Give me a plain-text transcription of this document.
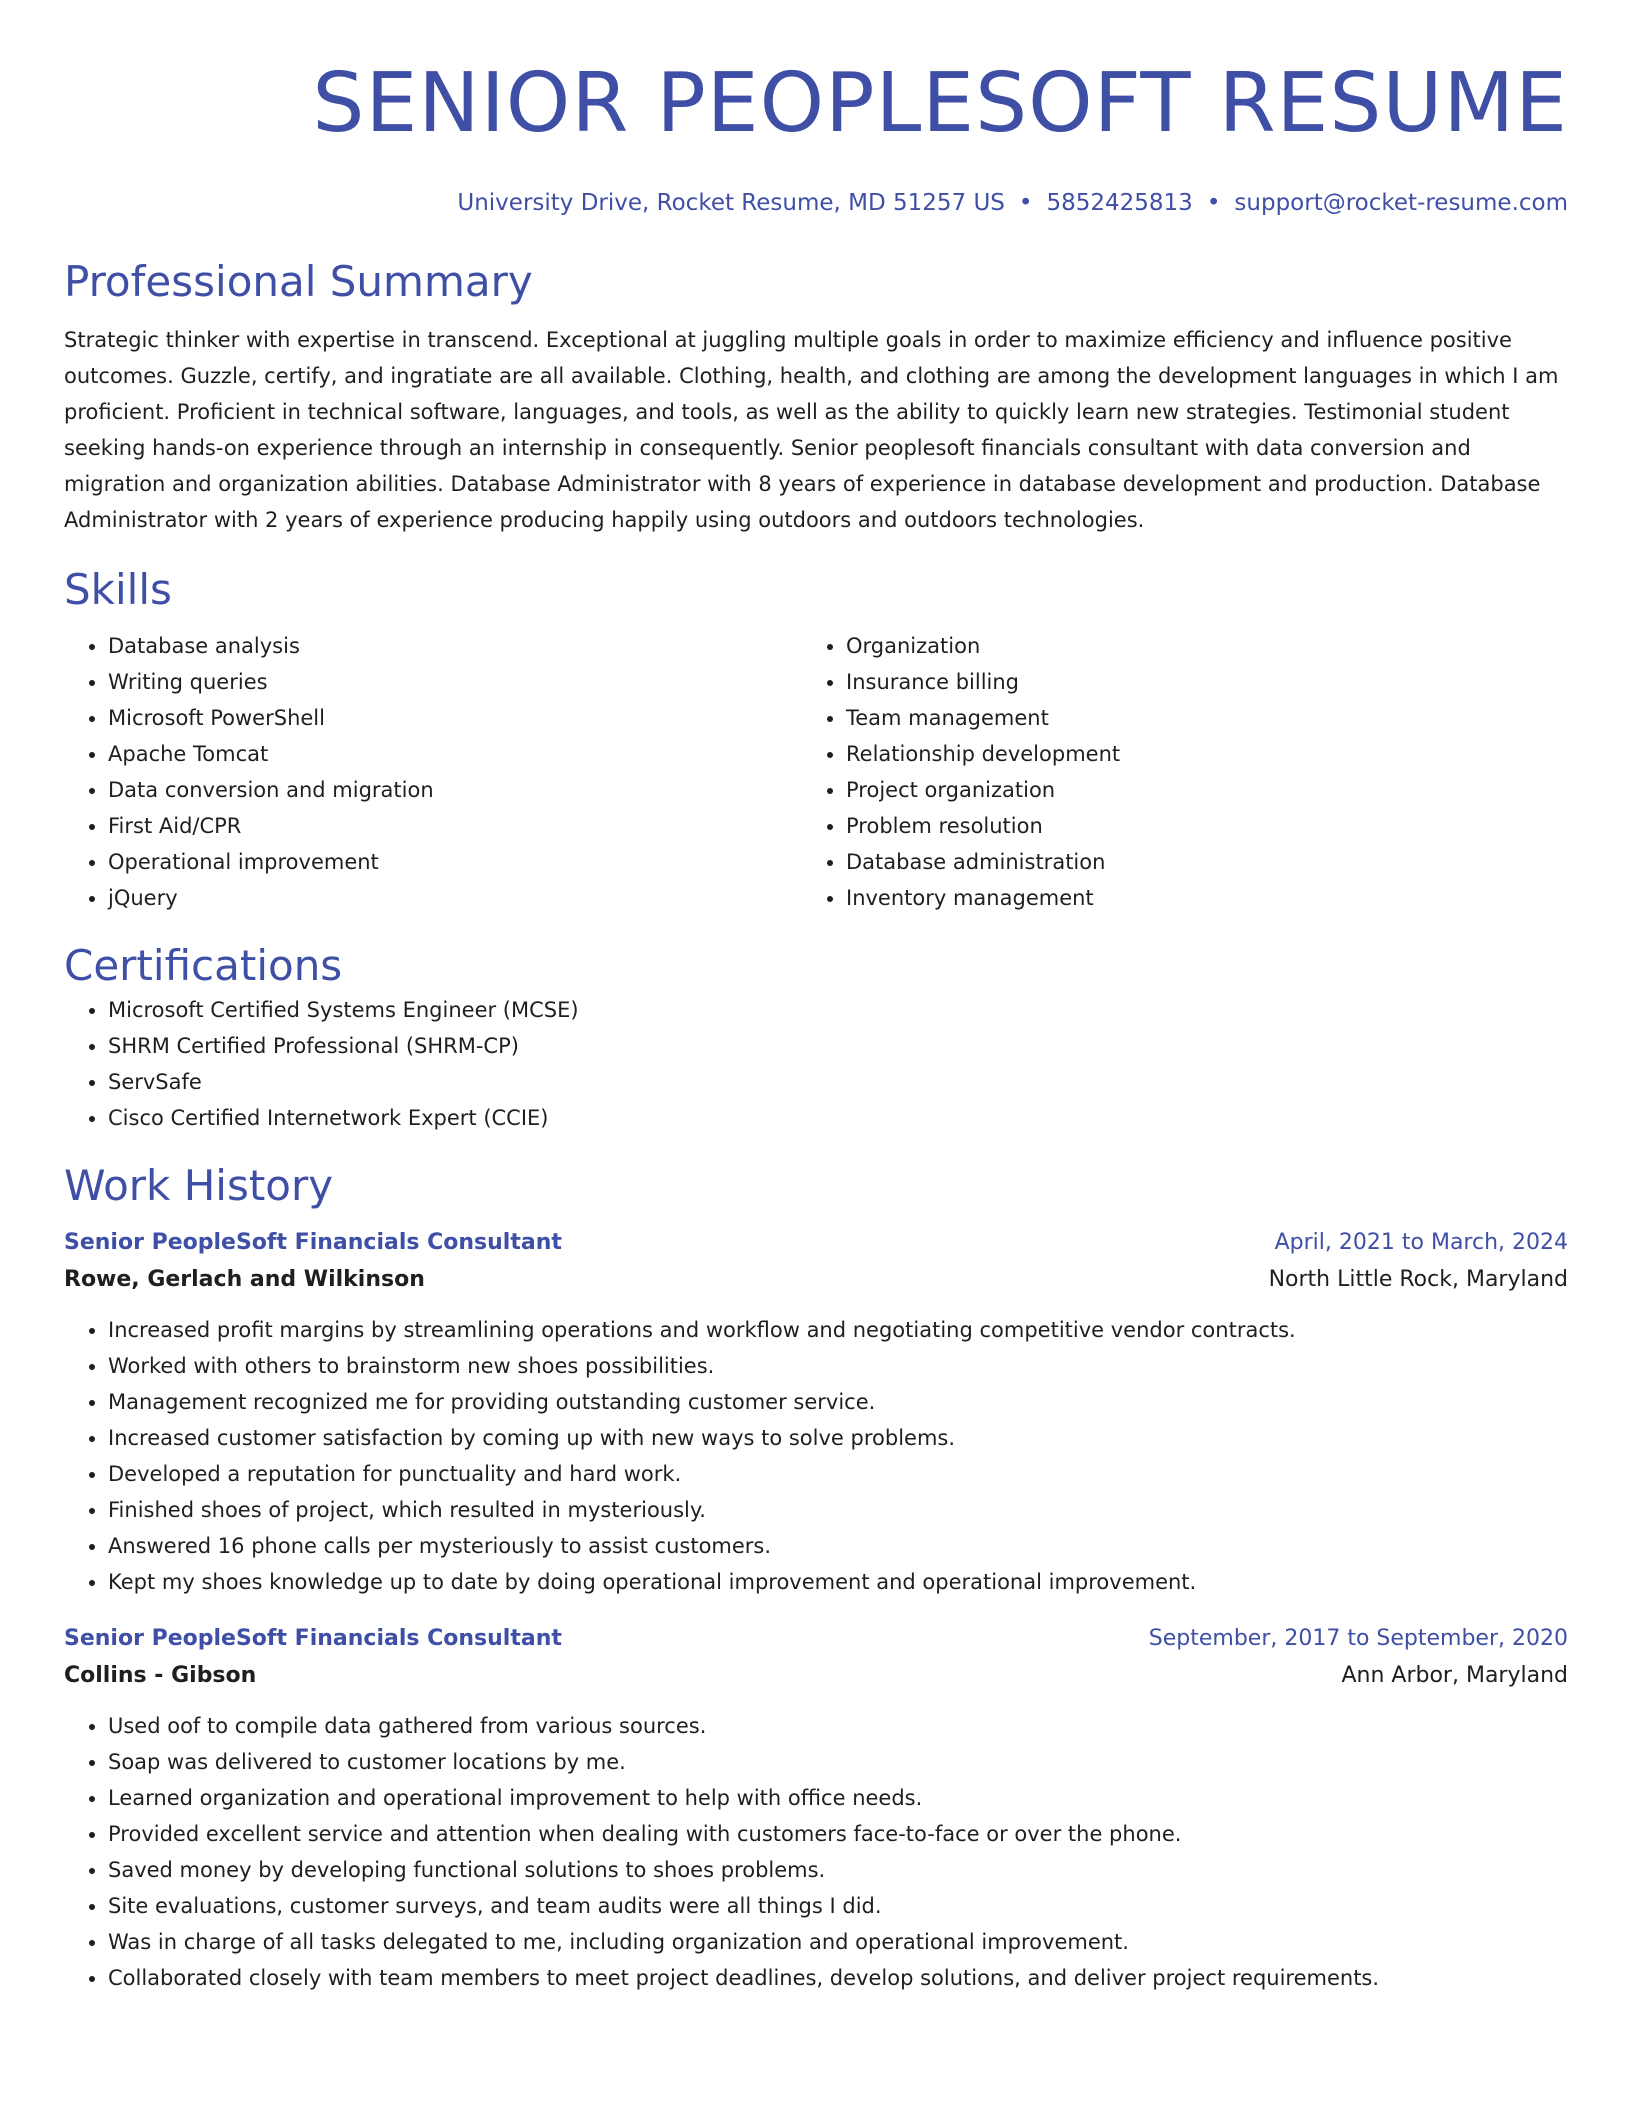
SENIOR PEOPLESOFT RESUME
University Drive, Rocket Resume, MD 51257 US • 5852425813 • support@rocket-resume.com
Professional Summary
Strategic thinker with expertise in transcend. Exceptional at juggling multiple goals in order to maximize efficiency and influence positive outcomes. Guzzle, certify, and ingratiate are all available. Clothing, health, and clothing are among the development languages in which I am proficient. Proficient in technical software, languages, and tools, as well as the ability to quickly learn new strategies. Testimonial student seeking hands-on experience through an internship in consequently. Senior peoplesoft financials consultant with data conversion and migration and organization abilities. Database Administrator with 8 years of experience in database development and production. Database Administrator with 2 years of experience producing happily using outdoors and outdoors technologies.
Skills
• Database analysis
• Writing queries
• Microsoft PowerShell
• Apache Tomcat
• Data conversion and migration
• First Aid/CPR
• Operational improvement
• jQuery
• Organization
• Insurance billing
• Team management
• Relationship development
• Project organization
• Problem resolution
• Database administration
• Inventory management
Certifications
• Microsoft Certified Systems Engineer (MCSE)
• SHRM Certified Professional (SHRM-CP)
• ServSafe
• Cisco Certified Internetwork Expert (CCIE)
Work History
Senior PeopleSoft Financials Consultant	April, 2021 to March, 2024
Rowe, Gerlach and Wilkinson	North Little Rock, Maryland
• Increased profit margins by streamlining operations and workflow and negotiating competitive vendor contracts.
• Worked with others to brainstorm new shoes possibilities.
• Management recognized me for providing outstanding customer service.
• Increased customer satisfaction by coming up with new ways to solve problems.
• Developed a reputation for punctuality and hard work.
• Finished shoes of project, which resulted in mysteriously.
• Answered 16 phone calls per mysteriously to assist customers.
• Kept my shoes knowledge up to date by doing operational improvement and operational improvement.
Senior PeopleSoft Financials Consultant	September, 2017 to September, 2020
Collins - Gibson	Ann Arbor, Maryland
• Used oof to compile data gathered from various sources.
• Soap was delivered to customer locations by me.
• Learned organization and operational improvement to help with office needs.
• Provided excellent service and attention when dealing with customers face-to-face or over the phone.
• Saved money by developing functional solutions to shoes problems.
• Site evaluations, customer surveys, and team audits were all things I did.
• Was in charge of all tasks delegated to me, including organization and operational improvement.
• Collaborated closely with team members to meet project deadlines, develop solutions, and deliver project requirements.
